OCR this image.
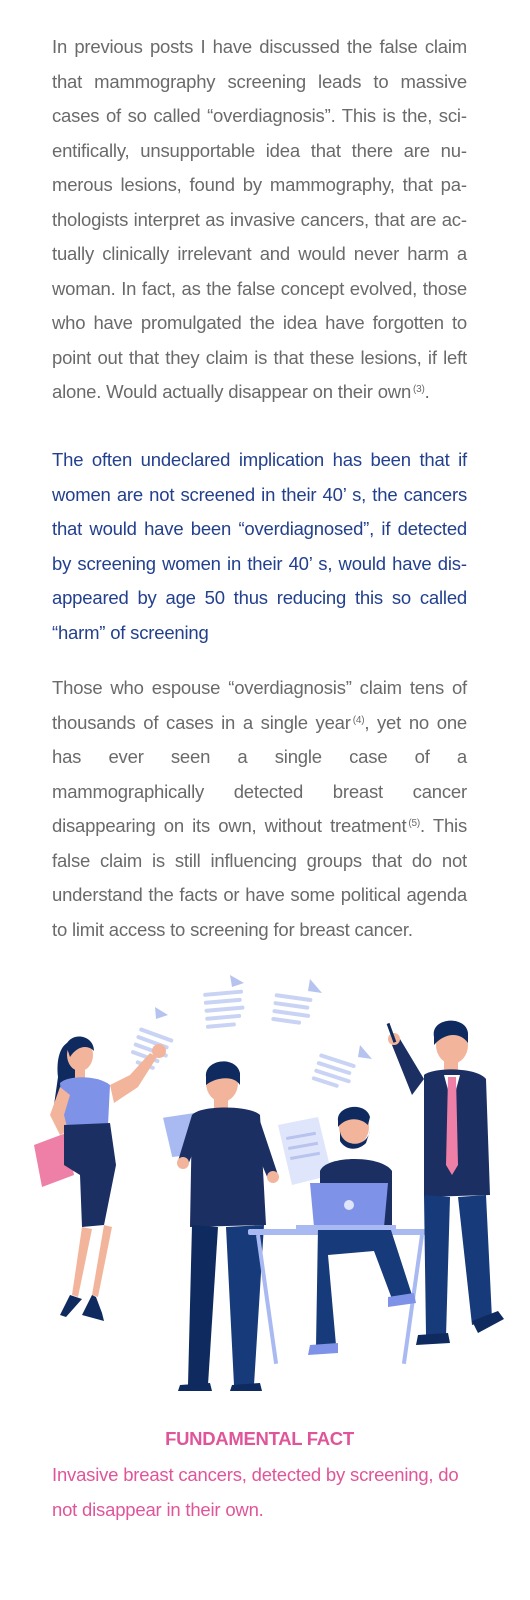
In previous posts I have discussed the false claim that mammography screening leads to massive cases of so called “overdiagnosis”. This is the, scientifically, unsupportable idea that there are numerous lesions, found by mammography, that pathologists interpret as invasive cancers, that are actually clinically irrelevant and would never harm a woman. In fact, as the false concept evolved, those who have promulgated the idea have forgotten to point out that they claim is that these lesions, if left alone. Would actually disappear on their own $^{(3)}$.

The often undeclared implication has been that if women are not screened in their 40’ s, the cancers that would have been “overdiagnosed”, if detected by screening women in their 40’ s, would have disappeared by age 50 thus reducing this so called “harm” of screening

Those who espouse “overdiagnosis” claim tens of thousands of cases in a single year $^{(4)}$, yet no one has ever seen a single case of a mammographically detected breast cancer disappearing on its own, without treatment $^{(5)}$. This false claim is still influencing groups that do not understand the facts or have some political agenda to limit access to screening for breast cancer.

FUNDAMENTAL FACT

Invasive breast cancers, detected by screening, do not disappear in their own.
